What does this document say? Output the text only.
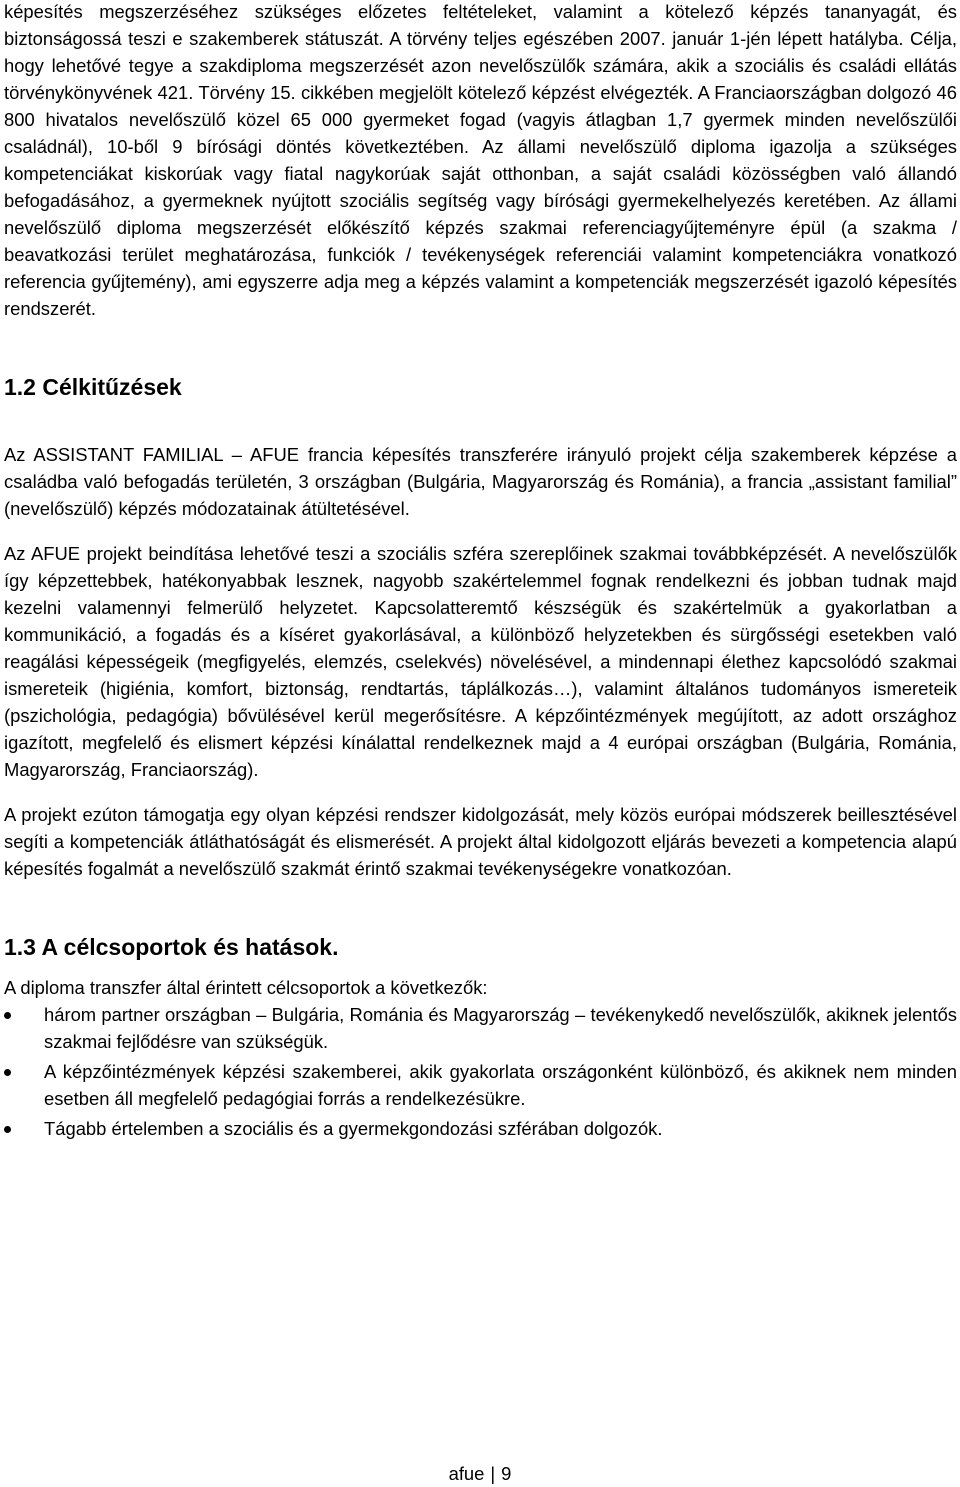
képesítés megszerzéséhez szükséges előzetes feltételeket, valamint a kötelező képzés tananyagát, és biztonságossá teszi e szakemberek státuszát. A törvény teljes egészében 2007. január 1-jén lépett hatályba. Célja, hogy lehetővé tegye a szakdiploma megszerzését azon nevelőszülők számára, akik a szociális és családi ellátás törvénykönyvének 421. Törvény 15. cikkében megjelölt kötelező képzést elvégezték. A Franciaországban dolgozó 46 800 hivatalos nevelőszülő közel 65 000 gyermeket fogad (vagyis átlagban 1,7 gyermek minden nevelőszülői családnál), 10-ből 9 bírósági döntés következtében. Az állami nevelőszülő diploma igazolja a szükséges kompetenciákat kiskorúak vagy fiatal nagykorúak saját otthonban, a saját családi közösségben való állandó befogadásához, a gyermeknek nyújtott szociális segítség vagy bírósági gyermekelhelyezés keretében. Az állami nevelőszülő diploma megszerzését előkészítő képzés szakmai referenciagyűjteményre épül (a szakma / beavatkozási terület meghatározása, funkciók / tevékenységek referenciái valamint kompetenciákra vonatkozó referencia gyűjtemény), ami egyszerre adja meg a képzés valamint a kompetenciák megszerzését igazoló képesítés rendszerét.

1.2 Célkitűzések

Az ASSISTANT FAMILIAL – AFUE francia képesítés transzferére irányuló projekt célja szakemberek képzése a családba való befogadás területén, 3 országban (Bulgária, Magyarország és Románia), a francia „assistant familial” (nevelőszülő) képzés módozatainak átültetésével.

Az AFUE projekt beindítása lehetővé teszi a szociális szféra szereplőinek szakmai továbbképzését. A nevelőszülők így képzettebbek, hatékonyabbak lesznek, nagyobb szakértelemmel fognak rendelkezni és jobban tudnak majd kezelni valamennyi felmerülő helyzetet. Kapcsolatteremtő készségük és szakértelmük a gyakorlatban a kommunikáció, a fogadás és a kíséret gyakorlásával, a különböző helyzetekben és sürgősségi esetekben való reagálási képességeik (megfigyelés, elemzés, cselekvés) növelésével, a mindennapi élethez kapcsolódó szakmai ismereteik (higiénia, komfort, biztonság, rendtartás, táplálkozás…), valamint általános tudományos ismereteik (pszichológia, pedagógia) bővülésével kerül megerősítésre. A képzőintézmények megújított, az adott országhoz igazított, megfelelő és elismert képzési kínálattal rendelkeznek majd a 4 európai országban (Bulgária, Románia, Magyarország, Franciaország).

A projekt ezúton támogatja egy olyan képzési rendszer kidolgozását, mely közös európai módszerek beillesztésével segíti a kompetenciák átláthatóságát és elismerését. A projekt által kidolgozott eljárás bevezeti a kompetencia alapú képesítés fogalmát a nevelőszülő szakmát érintő szakmai tevékenységekre vonatkozóan.

1.3 A célcsoportok és hatások.

A diploma transzfer által érintett célcsoportok a következők:

három partner országban – Bulgária, Románia és Magyarország – tevékenykedő nevelőszülők, akiknek jelentős szakmai fejlődésre van szükségük.
A képzőintézmények képzési szakemberei, akik gyakorlata országonként különböző, és akiknek nem minden esetben áll megfelelő pedagógiai forrás a rendelkezésükre.
Tágabb értelemben a szociális és a gyermekgondozási szférában dolgozók.
afue | 9
